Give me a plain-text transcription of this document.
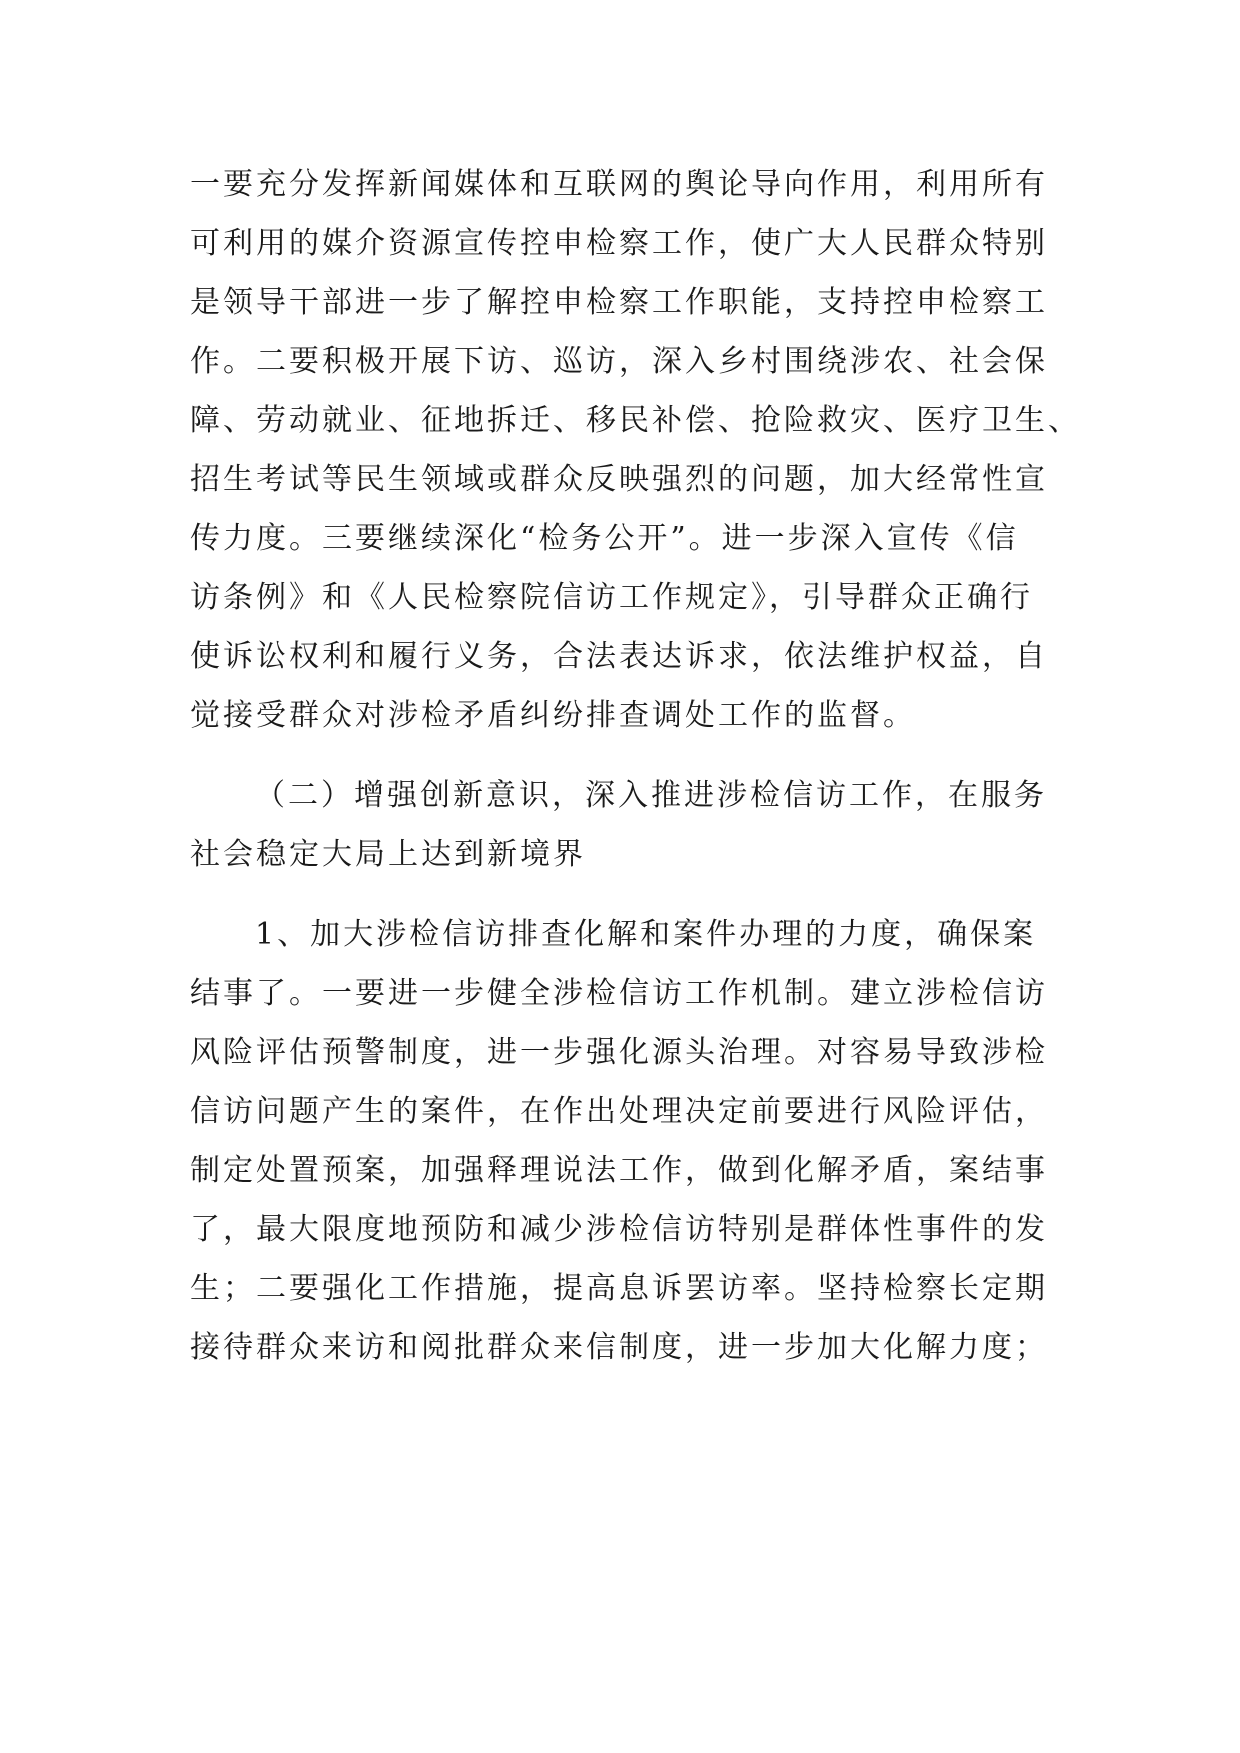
一要充分发挥新闻媒体和互联网的舆论导向作用，利用所有
可利用的媒介资源宣传控申检察工作，使广大人民群众特别
是领导干部进一步了解控申检察工作职能，支持控申检察工
作。二要积极开展下访、巡访，深入乡村围绕涉农、社会保
障、劳动就业、征地拆迁、移民补偿、抢险救灾、医疗卫生、
招生考试等民生领域或群众反映强烈的问题，加大经常性宣
传力度。三要继续深化“检务公开”。进一步深入宣传《信
访条例》和《人民检察院信访工作规定》，引导群众正确行
使诉讼权利和履行义务，合法表达诉求，依法维护权益，自
觉接受群众对涉检矛盾纠纷排查调处工作的监督。

（二）增强创新意识，深入推进涉检信访工作，在服务
社会稳定大局上达到新境界

1、加大涉检信访排查化解和案件办理的力度，确保案
结事了。一要进一步健全涉检信访工作机制。建立涉检信访
风险评估预警制度，进一步强化源头治理。对容易导致涉检
信访问题产生的案件，在作出处理决定前要进行风险评估，
制定处置预案，加强释理说法工作，做到化解矛盾，案结事
了，最大限度地预防和减少涉检信访特别是群体性事件的发
生；二要强化工作措施，提高息诉罢访率。坚持检察长定期
接待群众来访和阅批群众来信制度，进一步加大化解力度；
